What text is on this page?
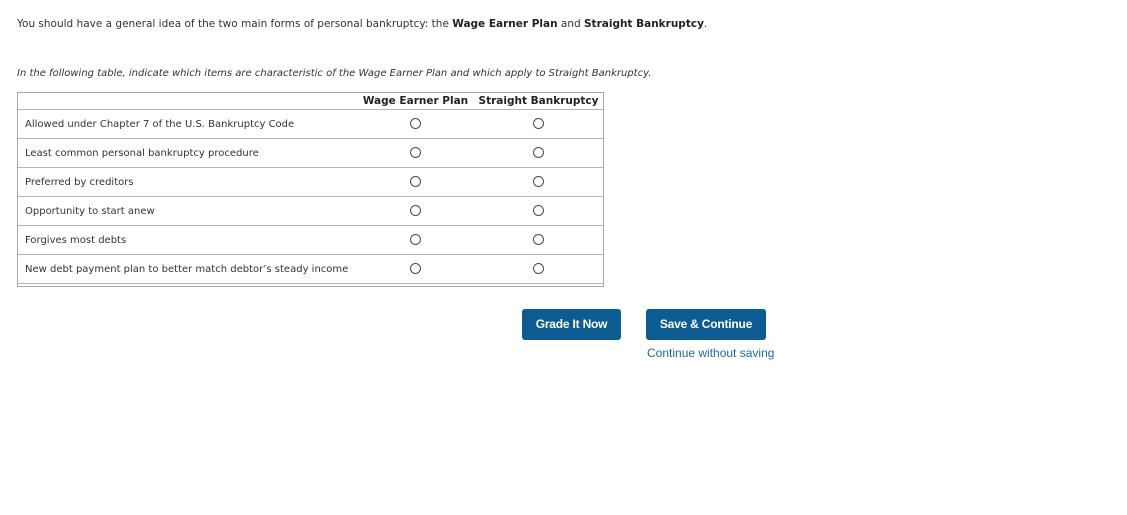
You should have a general idea of the two main forms of personal bankruptcy: the Wage Earner Plan and Straight Bankruptcy.
In the following table, indicate which items are characteristic of the Wage Earner Plan and which apply to Straight Bankruptcy.
	Wage Earner Plan	Straight Bankruptcy
Allowed under Chapter 7 of the U.S. Bankruptcy Code		
Least common personal bankruptcy procedure		
Preferred by creditors		
Opportunity to start anew		
Forgives most debts		
New debt payment plan to better match debtor’s steady income		
Grade It Now	Save & Continue
Continue without saving
